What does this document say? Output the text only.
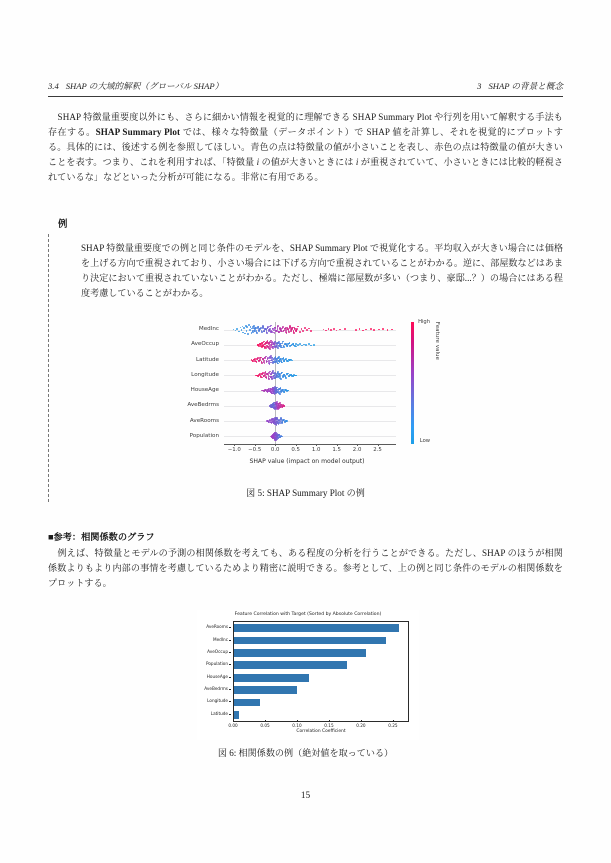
3.4 SHAP の大域的解釈（グローバル SHAP）	3 SHAP の背景と概念
SHAP 特徴量重要度以外にも、さらに細かい情報を視覚的に理解できる SHAP Summary Plot や行列を用いて解釈する手法も存在する。SHAP Summary Plot では、様々な特徴量（データポイント）で SHAP 値を計算し、それを視覚的にプロットする。具体的には、後述する例を参照してほしい。青色の点は特徴量の値が小さいことを表し、赤色の点は特徴量の値が大きいことを表す。つまり、これを利用すれば、「特徴量 i の値が大きいときには i が重視されていて、小さいときには比較的軽視されているな」などといった分析が可能になる。非常に有用である。
例
SHAP 特徴量重要度での例と同じ条件のモデルを、SHAP Summary Plot で視覚化する。平均収入が大きい場合には価格を上げる方向で重視されており、小さい場合には下げる方向で重視されていることがわかる。逆に、部屋数などはあまり決定において重視されていないことがわかる。ただし、極端に部屋数が多い（つまり、豪邸...？）の場合にはある程度考慮していることがわかる。
MedInc
AveOccup
Latitude
Longitude
HouseAge
AveBedrms
AveRooms
Population
−1.0 −0.5 0.0 0.5 1.0 1.5 2.0 2.5
SHAP value (impact on model output)
High
Low
Feature value
図 5: SHAP Summary Plot の例
■参考：相関係数のグラフ
例えば、特徴量とモデルの予測の相関係数を考えても、ある程度の分析を行うことができる。ただし、SHAP のほうが相関係数よりもより内部の事情を考慮しているためより精密に説明できる。参考として、上の例と同じ条件のモデルの相関係数をプロットする。
Feature Correlation with Target (Sorted by Absolute Correlation)
AveRooms
MedInc
AveOccup
Population
HouseAge
AveBedrms
Longitude
Latitude
0.00	0.05	0.10	0.15	0.20	0.25
Correlation Coefficient
図 6: 相関係数の例（絶対値を取っている）
15
